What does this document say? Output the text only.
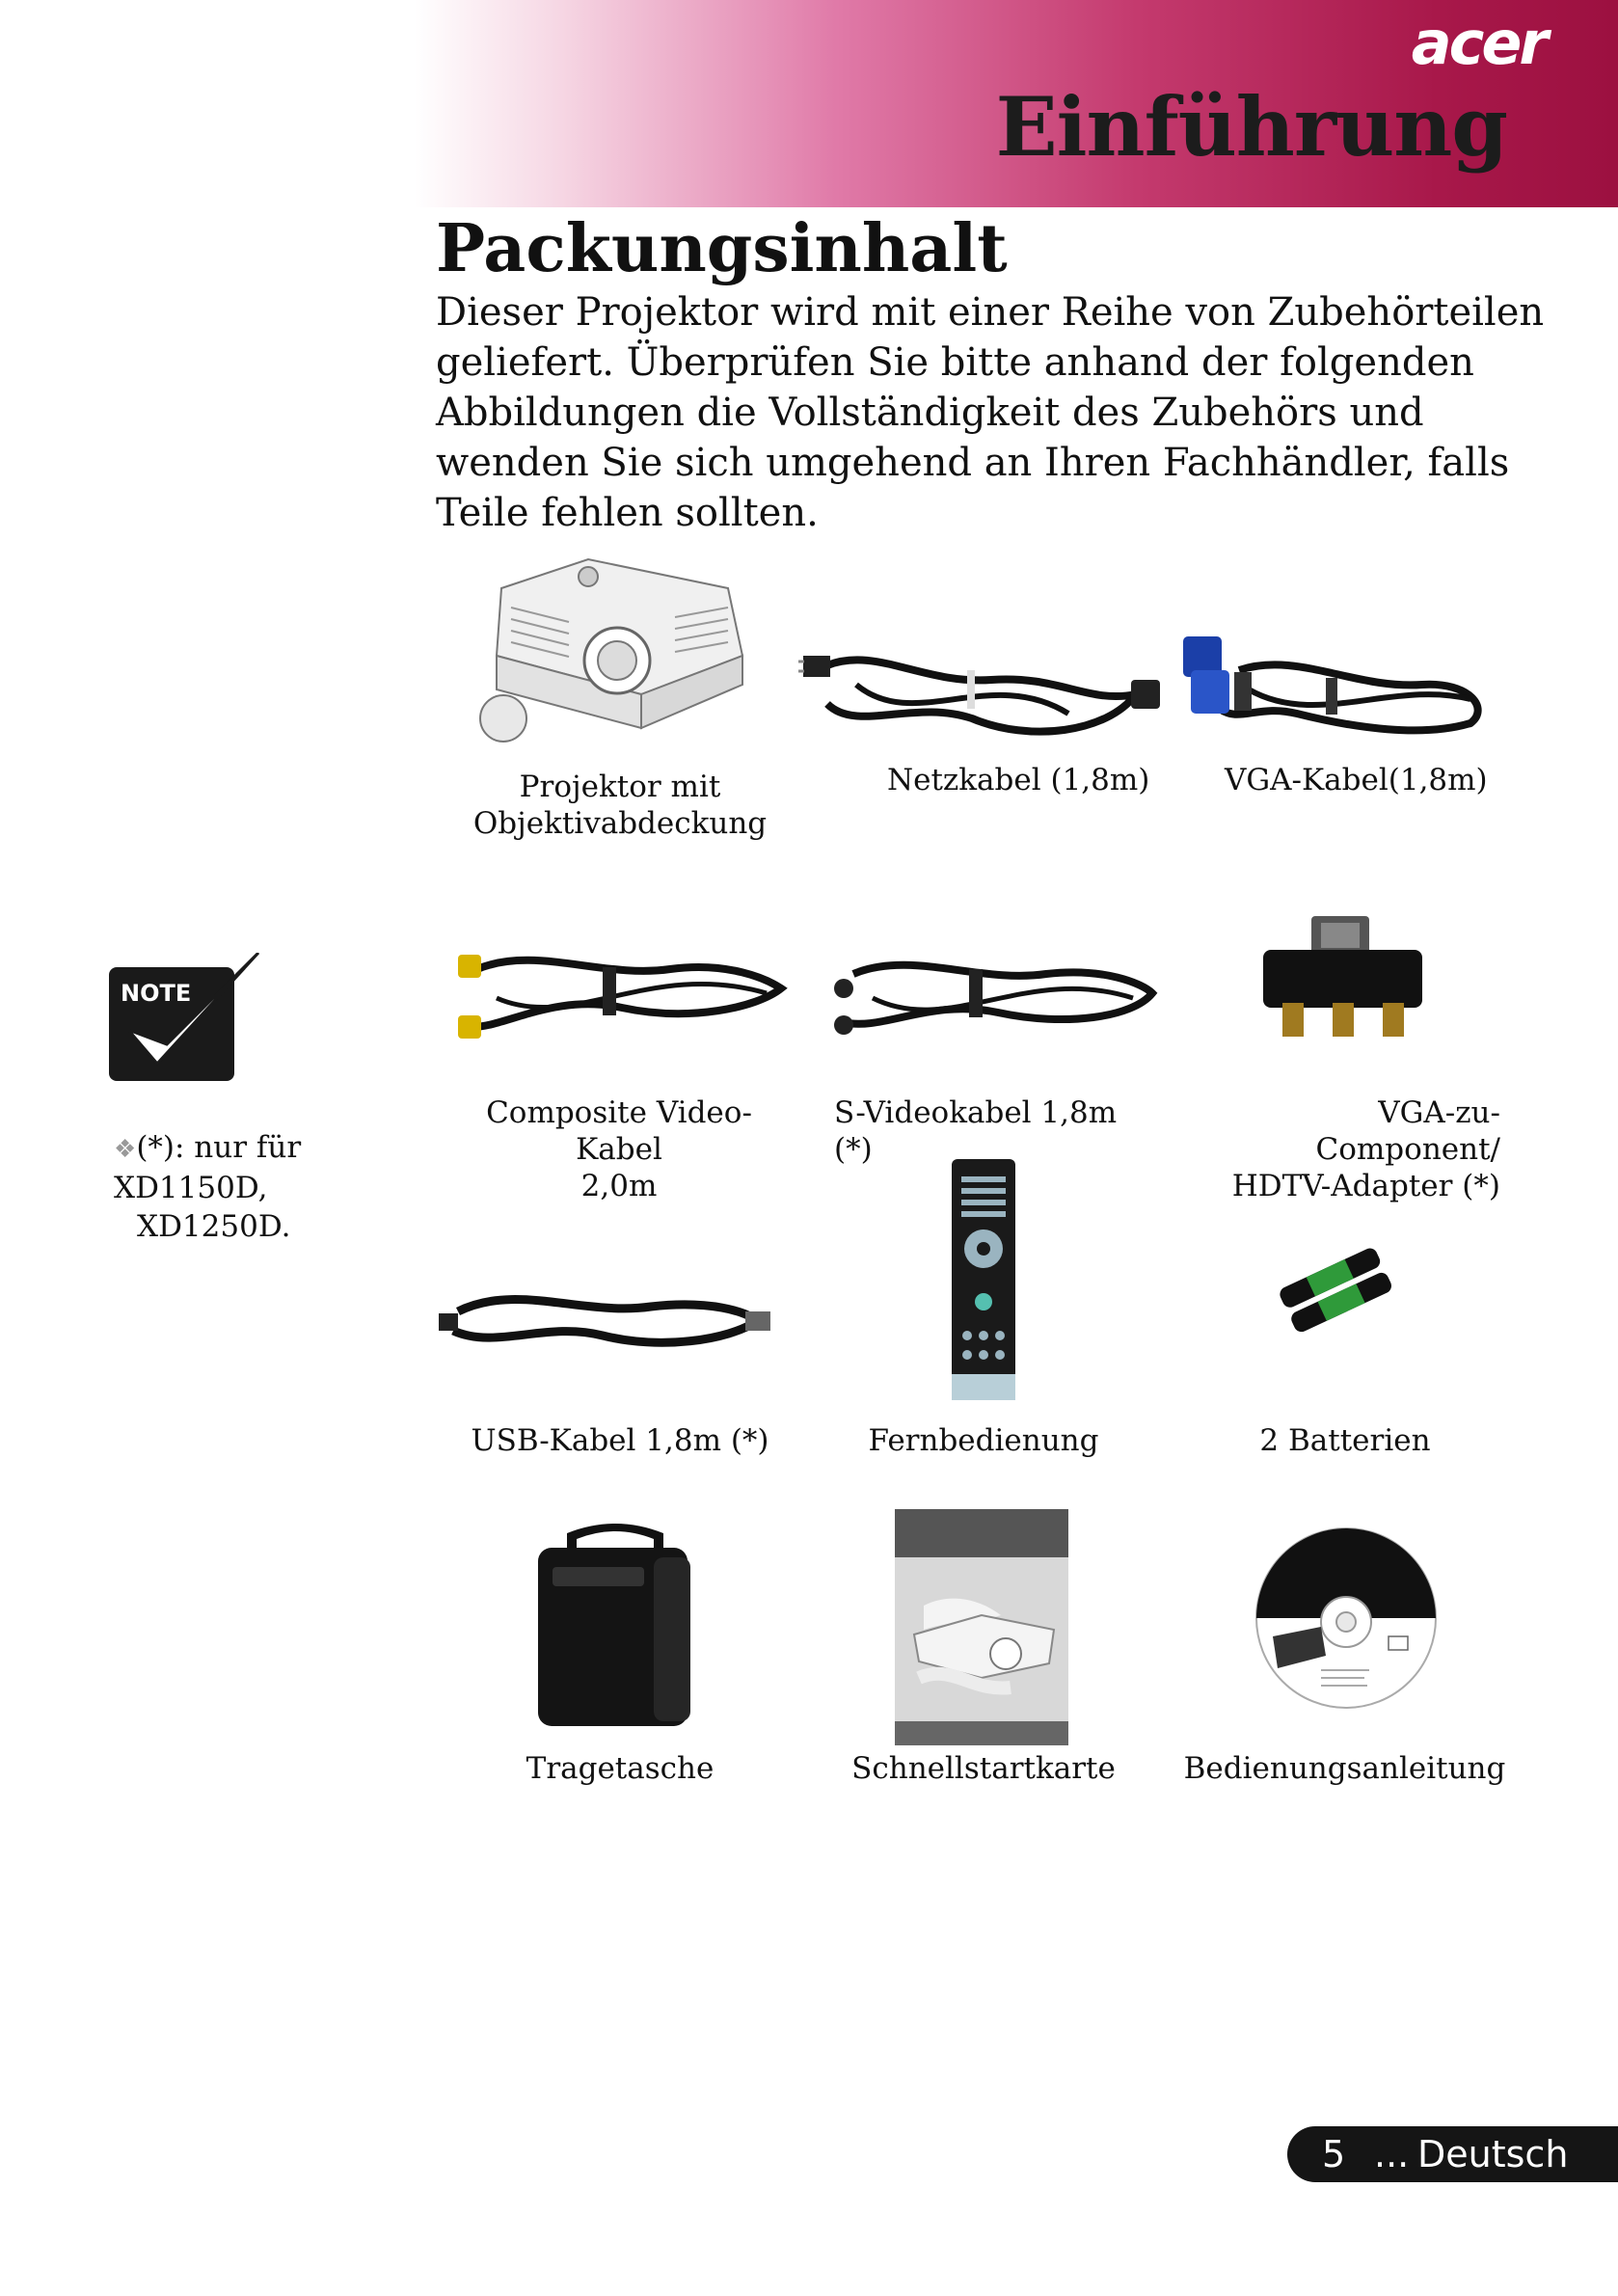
acer
Einführung
Packungsinhalt
Dieser Projektor wird mit einer Reihe von Zubehörteilen geliefert. Überprüfen Sie bitte anhand der folgenden Abbildungen die Vollständigkeit des Zubehörs und wenden Sie sich umgehend an Ihren Fachhändler, falls Teile fehlen sollten.
Projektor mit
Objektivabdeckung
Netzkabel (1,8m)	VGA-Kabel(1,8m)
NOTE
❖(*): nur für XD1150D,
XD1250D.
Composite Video-Kabel
2,0m
S-Videokabel 1,8m (*)
VGA-zu-Component/
HDTV-Adapter (*)
USB-Kabel 1,8m (*)	Fernbedienung	2 Batterien
Tragetasche	Schnellstartkarte	Bedienungsanleitung
5 ... Deutsch
